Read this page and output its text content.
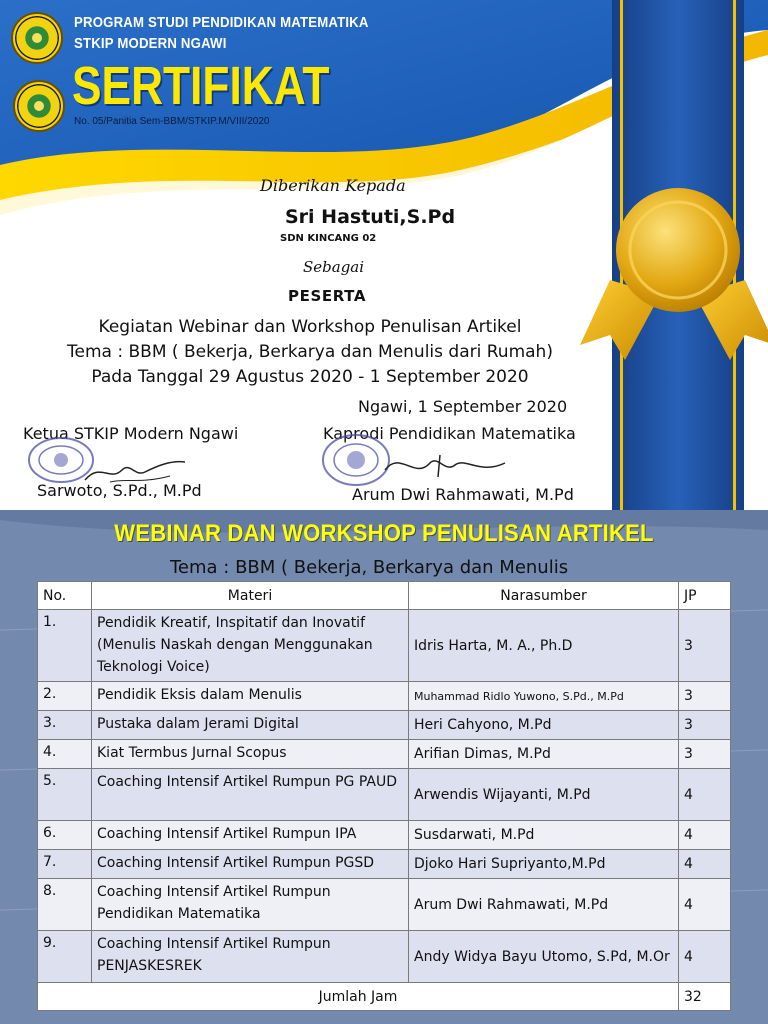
PROGRAM STUDI PENDIDIKAN MATEMATIKA
STKIP MODERN NGAWI
SERTIFIKAT
No. 05/Panitia Sem-BBM/STKIP.M/VIII/2020
Diberikan Kepada
Sri Hastuti,S.Pd
SDN KINCANG 02
Sebagai
PESERTA
Kegiatan Webinar dan Workshop Penulisan Artikel
Tema : BBM ( Bekerja, Berkarya dan Menulis dari Rumah)
Pada Tanggal 29 Agustus 2020 - 1 September 2020
Ngawi, 1 September 2020
Ketua STKIP Modern Ngawi	Kaprodi Pendidikan Matematika
Sarwoto, S.Pd., M.Pd	Arum Dwi Rahmawati, M.Pd
WEBINAR DAN WORKSHOP PENULISAN ARTIKEL
Tema : BBM ( Bekerja, Berkarya dan Menulis
No.	Materi	Narasumber	JP
1.	Pendidik Kreatif, Inspitatif dan Inovatif (Menulis Naskah dengan Menggunakan Teknologi Voice)	Idris Harta, M. A., Ph.D	3
2.	Pendidik Eksis dalam Menulis	Muhammad Ridlo Yuwono, S.Pd., M.Pd	3
3.	Pustaka dalam Jerami Digital	Heri Cahyono, M.Pd	3
4.	Kiat Termbus Jurnal Scopus	Arifian Dimas, M.Pd	3
5.	Coaching Intensif Artikel Rumpun PG PAUD	Arwendis Wijayanti, M.Pd	4
6.	Coaching Intensif Artikel Rumpun IPA	Susdarwati, M.Pd	4
7.	Coaching Intensif Artikel Rumpun PGSD	Djoko Hari Supriyanto,M.Pd	4
8.	Coaching Intensif Artikel Rumpun Pendidikan Matematika	Arum Dwi Rahmawati, M.Pd	4
9.	Coaching Intensif Artikel Rumpun PENJASKESREK	Andy Widya Bayu Utomo, S.Pd, M.Or	4
Jumlah Jam			32
